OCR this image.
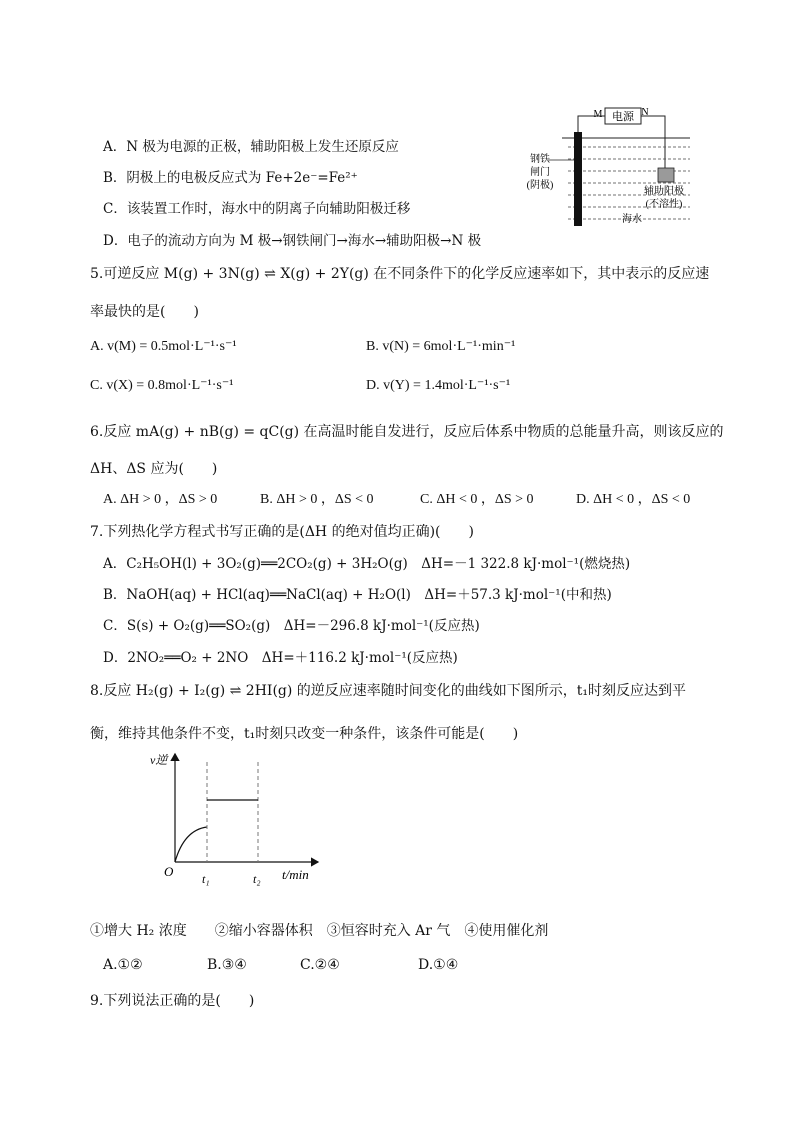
A．N 极为电源的正极，辅助阳极上发生还原反应
B．阴极上的电极反应式为 Fe+2e⁻=Fe²⁺
C．该装置工作时，海水中的阴离子向辅助阳极迁移
D．电子的流动方向为 M 极→钢铁闸门→海水→辅助阳极→N 极
电源
M	N
钢铁
闸门
(阴极)
辅助阳极
(不溶性)
海水
5.可逆反应 M(g) + 3N(g) ⇌ X(g) + 2Y(g) 在不同条件下的化学反应速率如下，其中表示的反应速
率最快的是(　　)
A. v(M) = 0.5mol·L⁻¹·s⁻¹	B. v(N) = 6mol·L⁻¹·min⁻¹
C. v(X) = 0.8mol·L⁻¹·s⁻¹	D. v(Y) = 1.4mol·L⁻¹·s⁻¹
6.反应 mA(g) + nB(g) = qC(g) 在高温时能自发进行，反应后体系中物质的总能量升高，则该反应的
ΔH、ΔS 应为(　　)
A. ΔH > 0 ，ΔS > 0	B. ΔH > 0 ，ΔS < 0	C. ΔH < 0 ，ΔS > 0	D. ΔH < 0 ，ΔS < 0
7.下列热化学方程式书写正确的是(ΔH 的绝对值均正确)(　　)
A．C₂H₅OH(l) + 3O₂(g)══2CO₂(g) + 3H₂O(g)　ΔH=－1 322.8 kJ·mol⁻¹(燃烧热)
B．NaOH(aq) + HCl(aq)══NaCl(aq) + H₂O(l)　ΔH=＋57.3 kJ·mol⁻¹(中和热)
C．S(s) + O₂(g)══SO₂(g)　ΔH=－296.8 kJ·mol⁻¹(反应热)
D．2NO₂══O₂ + 2NO　ΔH=＋116.2 kJ·mol⁻¹(反应热)
8.反应 H₂(g) + I₂(g) ⇌ 2HI(g) 的逆反应速率随时间变化的曲线如下图所示，t₁时刻反应达到平
衡，维持其他条件不变，t₁时刻只改变一种条件，该条件可能是(　　)
v逆
O t₁	t₂ t/min
①增大 H₂ 浓度　　②缩小容器体积　③恒容时充入 Ar 气　④使用催化剂
A.①②	B.③④	C.②④	D.①④
9.下列说法正确的是(　　)
